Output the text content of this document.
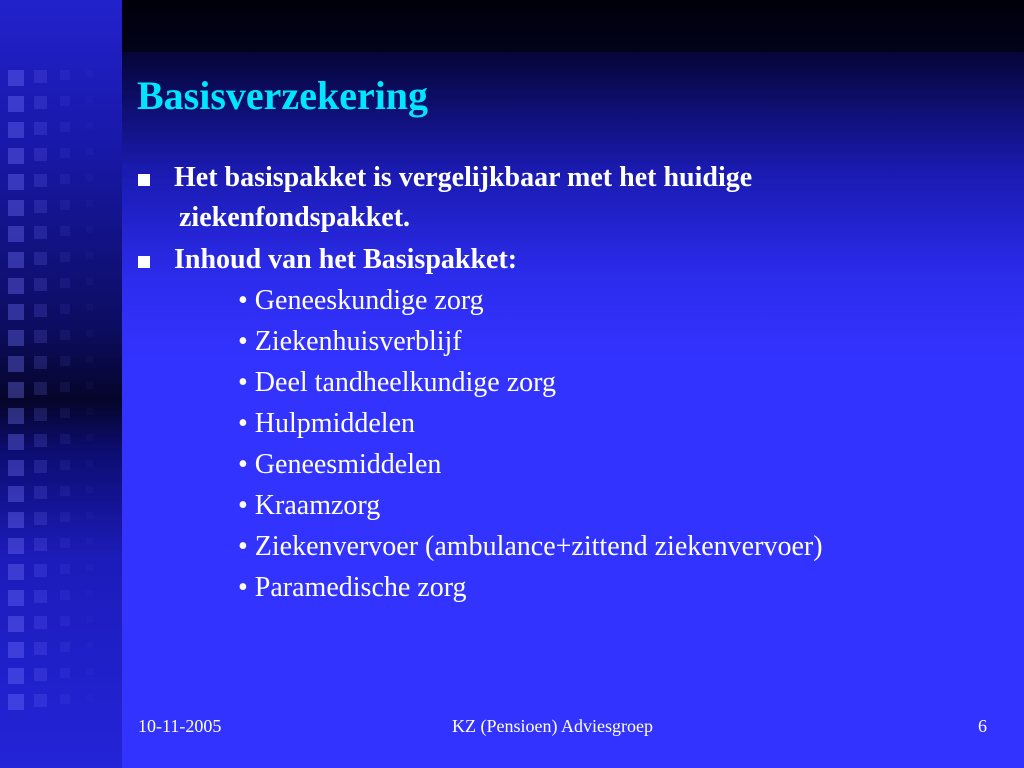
Basisverzekering
Het basispakket is vergelijkbaar met het huidige
ziekenfondspakket.
Inhoud van het Basispakket:
• Geneeskundige zorg
• Ziekenhuisverblijf
• Deel tandheelkundige zorg
• Hulpmiddelen
• Geneesmiddelen
• Kraamzorg
• Ziekenvervoer (ambulance+zittend ziekenvervoer)
• Paramedische zorg
10-11-2005	KZ (Pensioen) Adviesgroep	6
